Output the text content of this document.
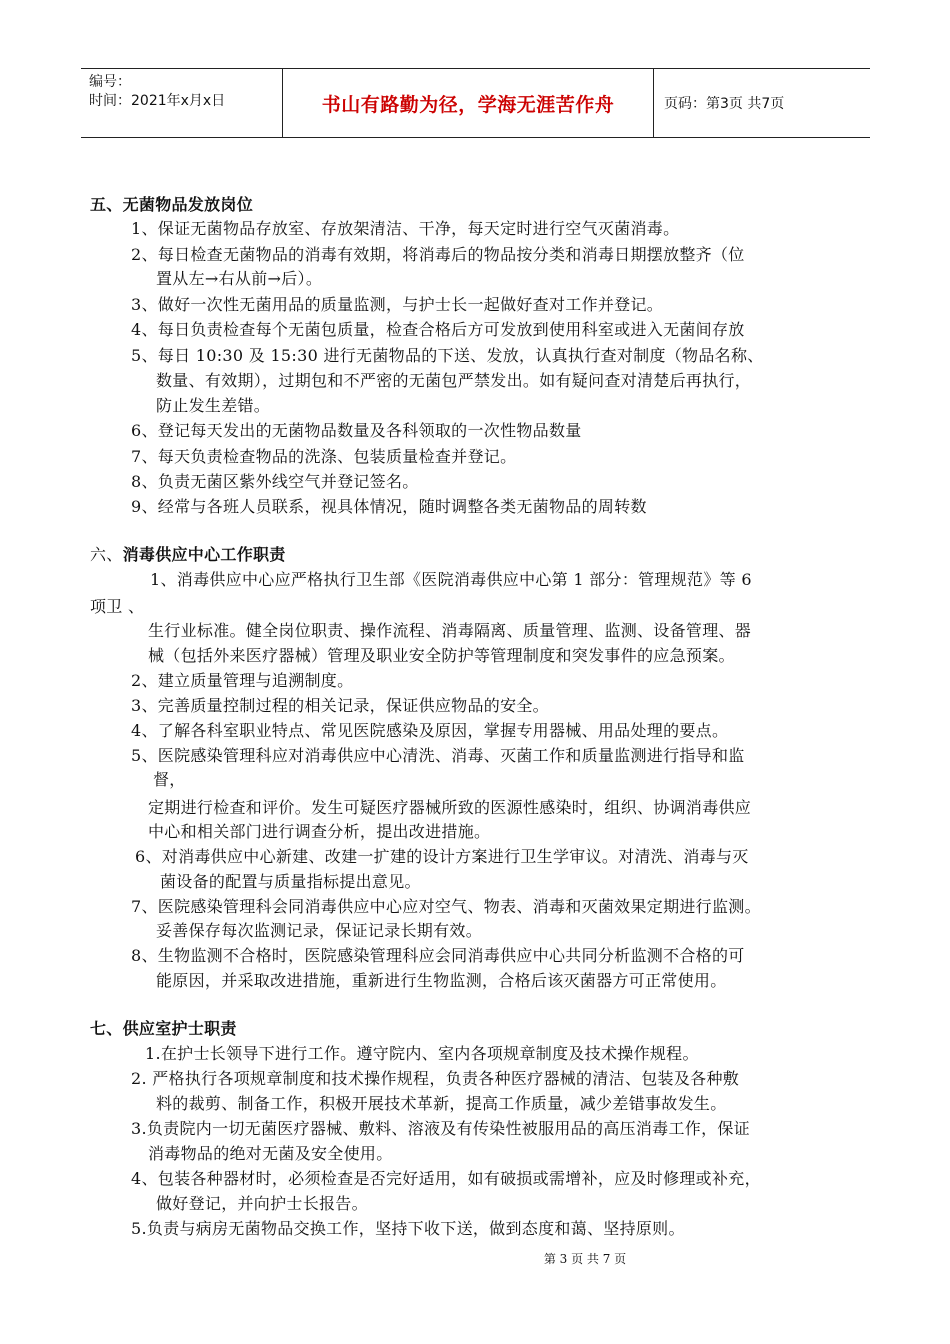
编号：
时间：2021年x月x日	书山有路勤为径，学海无涯苦作舟	页码：第3页 共7页
五、无菌物品发放岗位
1、保证无菌物品存放室、存放架清洁、干净，每天定时进行空气灭菌消毒。
2、每日检查无菌物品的消毒有效期，将消毒后的物品按分类和消毒日期摆放整齐（位
置从左→右从前→后）。
3、做好一次性无菌用品的质量监测，与护士长一起做好查对工作并登记。
4、每日负责检查每个无菌包质量，检查合格后方可发放到使用科室或进入无菌间存放
5、每日 10:30 及 15:30 进行无菌物品的下送、发放，认真执行查对制度（物品名称、
数量、有效期），过期包和不严密的无菌包严禁发出。如有疑问查对清楚后再执行，
防止发生差错。
6、登记每天发出的无菌物品数量及各科领取的一次性物品数量
7、每天负责检查物品的洗涤、包装质量检查并登记。
8、负责无菌区紫外线空气并登记签名。
9、经常与各班人员联系，视具体情况，随时调整各类无菌物品的周转数
六、消毒供应中心工作职责
1、消毒供应中心应严格执行卫生部《医院消毒供应中心第 1 部分：管理规范》等 6
项卫 、
生行业标准。健全岗位职责、操作流程、消毒隔离、质量管理、监测、设备管理、器
械（包括外来医疗器械）管理及职业安全防护等管理制度和突发事件的应急预案。
2、建立质量管理与追溯制度。
3、完善质量控制过程的相关记录，保证供应物品的安全。
4、了解各科室职业特点、常见医院感染及原因，掌握专用器械、用品处理的要点。
5、医院感染管理科应对消毒供应中心清洗、消毒、灭菌工作和质量监测进行指导和监
督，
定期进行检查和评价。发生可疑医疗器械所致的医源性感染时，组织、协调消毒供应
中心和相关部门进行调查分析，提出改进措施。
6、对消毒供应中心新建、改建一扩建的设计方案进行卫生学审议。对清洗、消毒与灭
菌设备的配置与质量指标提出意见。
7、医院感染管理科会同消毒供应中心应对空气、物表、消毒和灭菌效果定期进行监测。
妥善保存每次监测记录，保证记录长期有效。
8、生物监测不合格时，医院感染管理科应会同消毒供应中心共同分析监测不合格的可
能原因，并采取改进措施，重新进行生物监测，合格后该灭菌器方可正常使用。
七、供应室护士职责
1.在护士长领导下进行工作。遵守院内、室内各项规章制度及技术操作规程。
2. 严格执行各项规章制度和技术操作规程，负责各种医疗器械的清洁、包装及各种敷
料的裁剪、制备工作，积极开展技术革新，提高工作质量，减少差错事故发生。
3.负责院内一切无菌医疗器械、敷料、溶液及有传染性被服用品的高压消毒工作，保证
消毒物品的绝对无菌及安全使用。
4、包装各种器材时，必须检查是否完好适用，如有破损或需增补，应及时修理或补充，
做好登记，并向护士长报告。
5.负责与病房无菌物品交换工作，坚持下收下送，做到态度和蔼、坚持原则。
第 3 页 共 7 页
